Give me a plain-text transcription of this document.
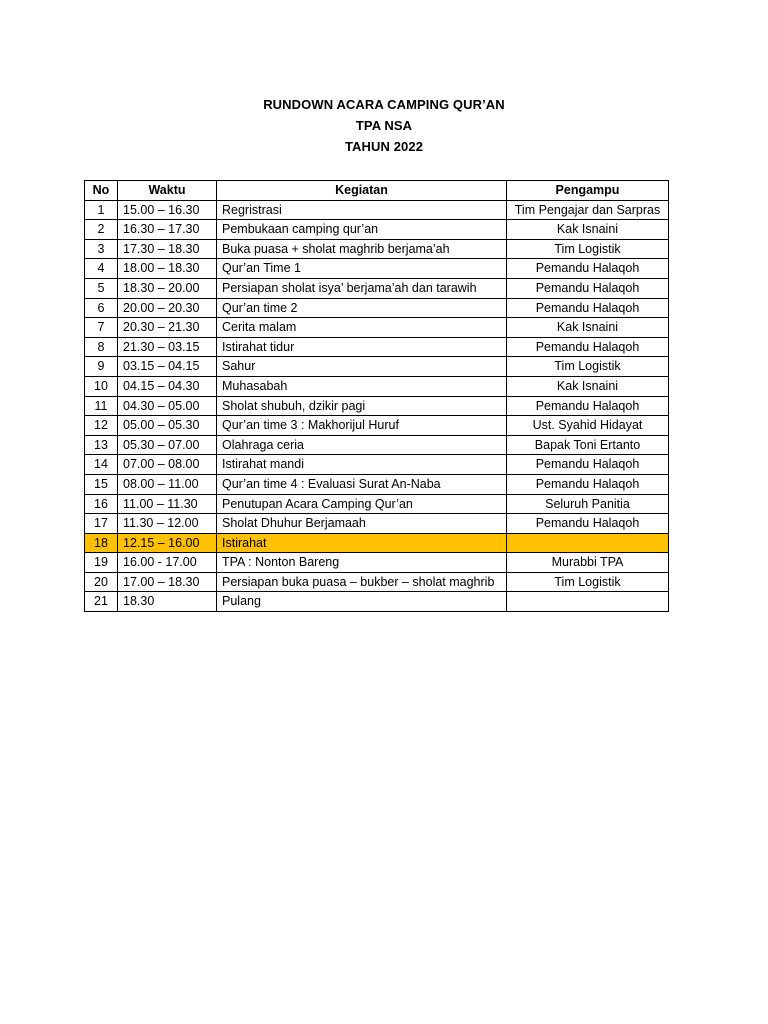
RUNDOWN ACARA CAMPING QUR’AN
TPA NSA
TAHUN 2022
No	Waktu	Kegiatan	Pengampu
1	15.00 – 16.30	Regristrasi	Tim Pengajar dan Sarpras
2	16.30 – 17.30	Pembukaan camping qur’an	Kak Isnaini
3	17.30 – 18.30	Buka puasa + sholat maghrib berjama’ah	Tim Logistik
4	18.00 – 18.30	Qur’an Time 1	Pemandu Halaqoh
5	18.30 – 20.00	Persiapan sholat isya’ berjama’ah dan tarawih	Pemandu Halaqoh
6	20.00 – 20.30	Qur’an time 2	Pemandu Halaqoh
7	20.30 – 21.30	Cerita malam	Kak Isnaini
8	21.30 – 03.15	Istirahat tidur	Pemandu Halaqoh
9	03.15 – 04.15	Sahur	Tim Logistik
10	04.15 – 04.30	Muhasabah	Kak Isnaini
11	04.30 – 05.00	Sholat shubuh, dzikir pagi	Pemandu Halaqoh
12	05.00 – 05.30	Qur’an time 3 : Makhorijul Huruf	Ust. Syahid Hidayat
13	05.30 – 07.00	Olahraga ceria	Bapak Toni Ertanto
14	07.00 – 08.00	Istirahat mandi	Pemandu Halaqoh
15	08.00 – 11.00	Qur’an time 4 : Evaluasi Surat An-Naba	Pemandu Halaqoh
16	11.00 – 11.30	Penutupan Acara Camping Qur’an	Seluruh Panitia
17	11.30 – 12.00	Sholat Dhuhur Berjamaah	Pemandu Halaqoh
18	12.15 – 16.00	Istirahat	
19	16.00 - 17.00	TPA : Nonton Bareng	Murabbi TPA
20	17.00 – 18.30	Persiapan buka puasa – bukber – sholat maghrib	Tim Logistik
21	18.30	Pulang	
